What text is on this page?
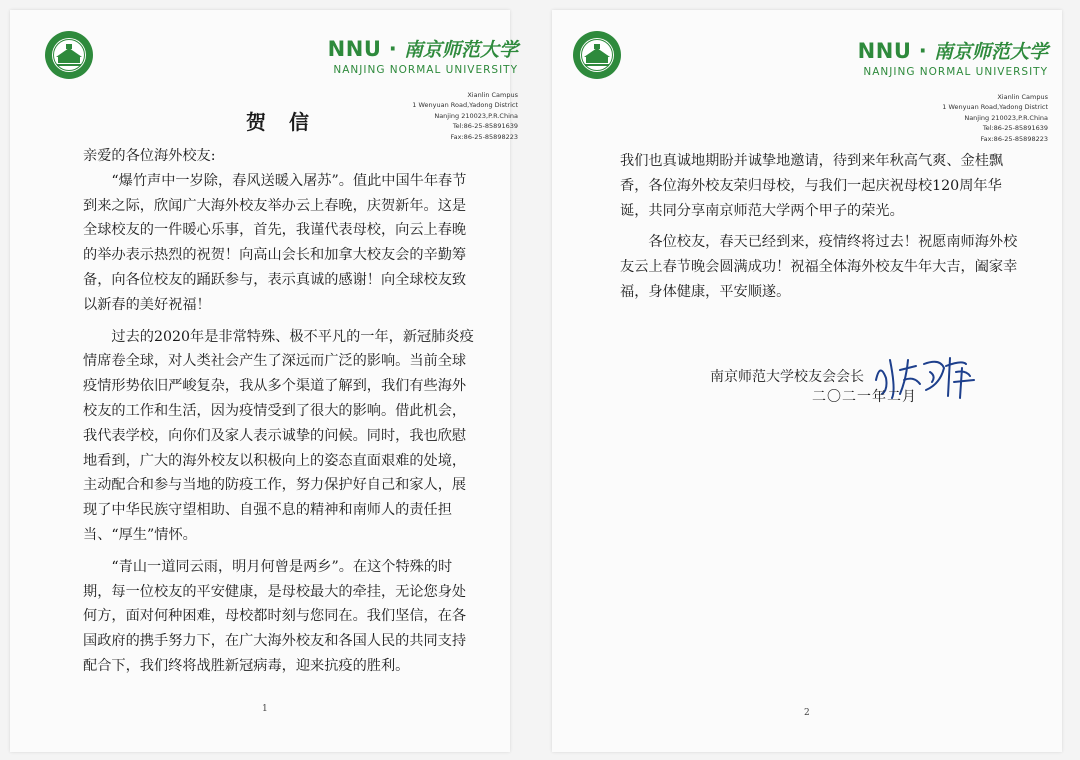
NNU · 南京师范大学
NANJING NORMAL UNIVERSITY
Xianlin Campus
1 Wenyuan Road,Yadong District
Nanjing 210023,P.R.China
Tel:86-25-85891639
Fax:86-25-85898223
贺 信

亲爱的各位海外校友:

“爆竹声中一岁除，春风送暖入屠苏”。值此中国牛年春节到来之际，欣闻广大海外校友举办云上春晚，庆贺新年。这是全球校友的一件暖心乐事，首先，我谨代表母校，向云上春晚的举办表示热烈的祝贺！向高山会长和加拿大校友会的辛勤筹备，向各位校友的踊跃参与，表示真诚的感谢！向全球校友致以新春的美好祝福！

过去的2020年是非常特殊、极不平凡的一年，新冠肺炎疫情席卷全球，对人类社会产生了深远而广泛的影响。当前全球疫情形势依旧严峻复杂，我从多个渠道了解到，我们有些海外校友的工作和生活，因为疫情受到了很大的影响。借此机会，我代表学校，向你们及家人表示诚挚的问候。同时，我也欣慰地看到，广大的海外校友以积极向上的姿态直面艰难的处境，主动配合和参与当地的防疫工作，努力保护好自己和家人，展现了中华民族守望相助、自强不息的精神和南师人的责任担当、“厚生”情怀。

“青山一道同云雨，明月何曾是两乡”。在这个特殊的时期，每一位校友的平安健康，是母校最大的牵挂，无论您身处何方，面对何种困难，母校都时刻与您同在。我们坚信，在各国政府的携手努力下，在广大海外校友和各国人民的共同支持配合下，我们终将战胜新冠病毒，迎来抗疫的胜利。

1
NNU · 南京师范大学
NANJING NORMAL UNIVERSITY
Xianlin Campus
1 Wenyuan Road,Yadong District
Nanjing 210023,P.R.China
Tel:86-25-85891639
Fax:86-25-85898223

我们也真诚地期盼并诚挚地邀请，待到来年秋高气爽、金桂飘香，各位海外校友荣归母校，与我们一起庆祝母校120周年华诞，共同分享南京师范大学两个甲子的荣光。

各位校友，春天已经到来，疫情终将过去！祝愿南师海外校友云上春节晚会圆满成功！祝福全体海外校友牛年大吉，阖家幸福，身体健康，平安顺遂。

南京师范大学校友会会长
二〇二一年二月
2
